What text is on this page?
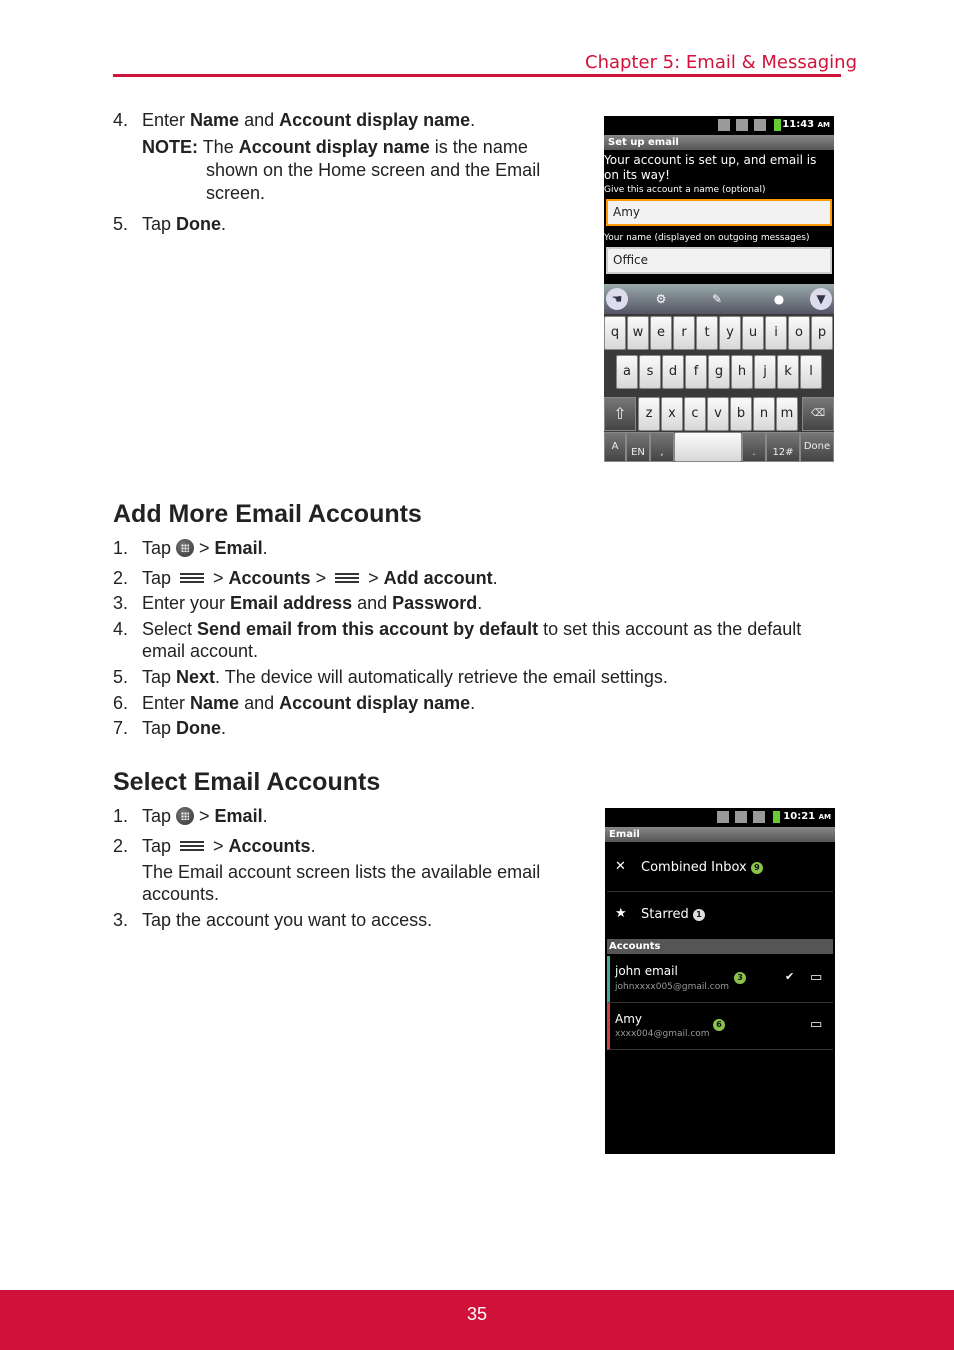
Chapter 5: Email & Messaging
4. Enter Name and Account display name.
NOTE: The Account display name is the name
shown on the Home screen and the Email
screen.
5. Tap Done.
11:43 AM
Set up email
Your account is set up, and email is
on its way!
Give this account a name (optional)
Amy
Your name (displayed on outgoing messages)
Office
☚	⚙	✎	●	▼
q	w	e	r	t	y	u	i	o	p
a	s	d	f	g	h	j	k	l
z	x	c	v	b	n m
⇧	⌫
A
EN	,	.	12#
Done
Add More Email Accounts
1. Tap  > Email.
2. Tap
> Accounts >
> Add account.
3. Enter your Email address and Password.
4. Select Send email from this account by default to set this account as the default
email account.
5. Tap Next. The device will automatically retrieve the email settings.
6. Enter Name and Account display name.
7. Tap Done.
Select Email Accounts
1. Tap  > Email.
2. Tap
> Accounts.
The Email account screen lists the available email
accounts.
3. Tap the account you want to access.
10:21 AM
Email
✕ Combined Inbox 9
★ Starred 1
Accounts
john email
johnxxxx005@gmail.com
3	✔ ▭
Amy
xxxx004@gmail.com
6	▭
35
